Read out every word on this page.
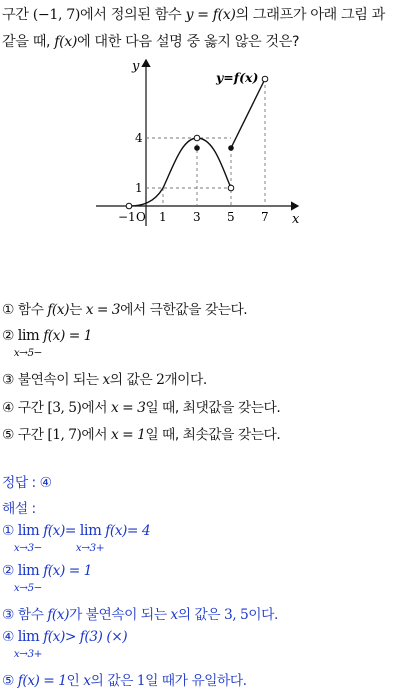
구간 (−1, 7)에서 정의된 함수 y = f(x)의 그래프가 아래 그림 과 같을 때, f(x)에 대한 다음 설명 중 옳지 않은 것은?
y
x
y=f(x)
−1 O 1 3 5 7
1
4
① 함수 f(x)는 x = 3에서 극한값을 갖는다.
② lim
x→5−
f(x) = 1
③ 불연속이 되는 x의 값은 2개이다.
④ 구간 [3, 5)에서 x = 3일 때, 최댓값을 갖는다.
⑤ 구간 [1, 7)에서 x = 1일 때, 최솟값을 갖는다.
정답 : ④
해설 :
① lim
x→3−
f(x)= lim
x→3+
f(x)= 4
② lim
x→5−
f(x) = 1
③ 함수 f(x)가 불연속이 되는 x의 값은 3, 5이다.
④ lim
x→3+
f(x)> f(3) (×)
⑤ f(x) = 1인 x의 값은 1일 때가 유일하다.
